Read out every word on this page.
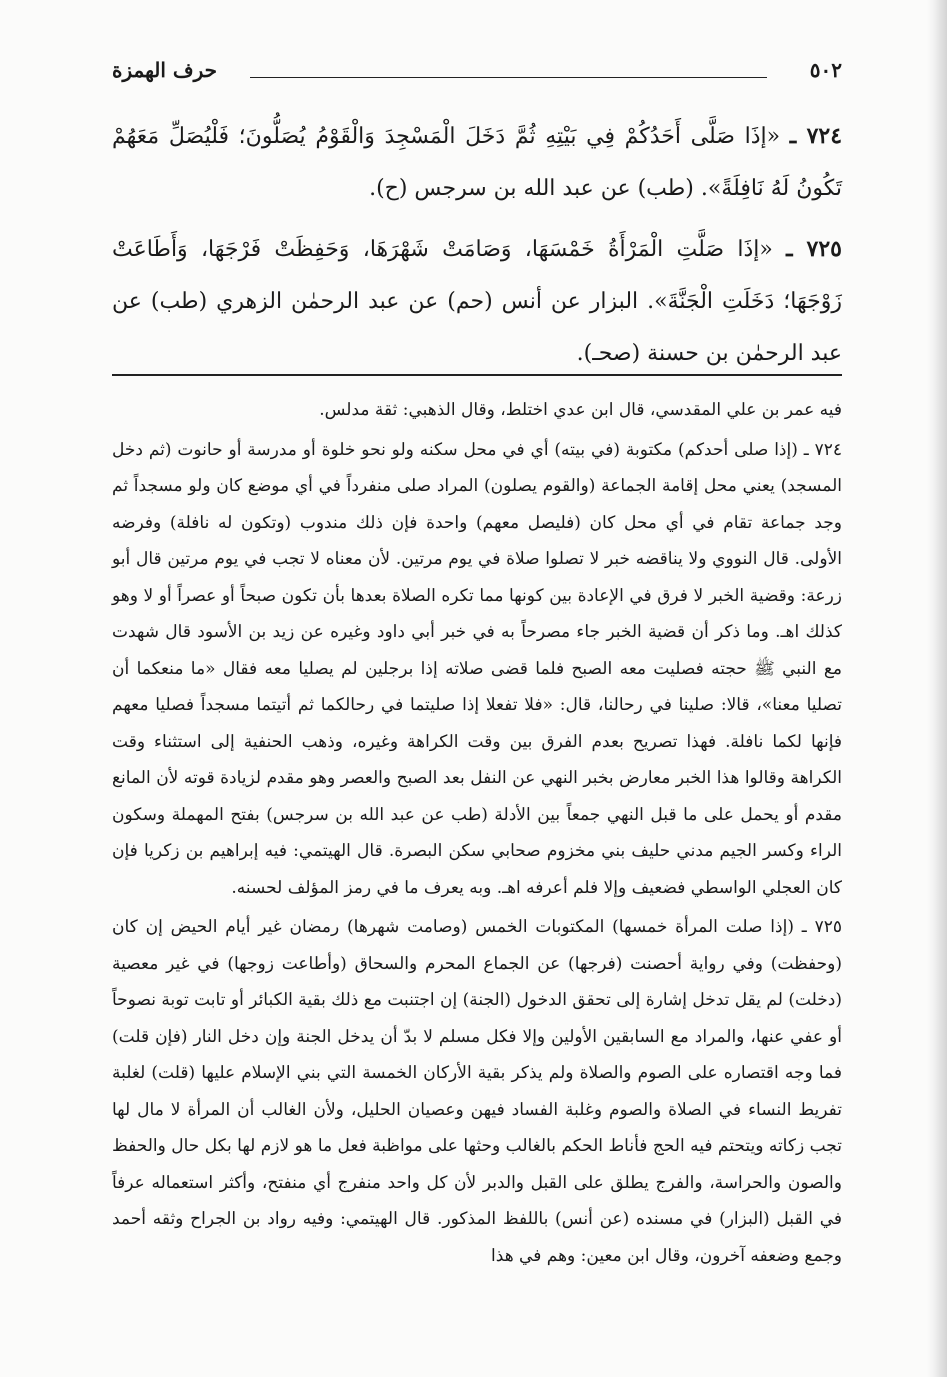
٥٠٢
حرف الهمزة

٧٢٤ ـ «إذَا صَلَّى أَحَدُكُمْ فِي بَيْتِهِ ثُمَّ دَخَلَ الْمَسْجِدَ وَالْقَوْمُ يُصَلُّونَ؛ فَلْيُصَلِّ مَعَهُمْ تَكُونُ لَهُ نَافِلَةً». (طب) عن عبد الله بن سرجس (ح).

٧٢٥ ـ «إذَا صَلَّتِ الْمَرْأَةُ خَمْسَهَا، وَصَامَتْ شَهْرَهَا، وَحَفِظَتْ فَرْجَهَا، وَأَطَاعَتْ زَوْجَهَا؛ دَخَلَتِ الْجَنَّةَ». البزار عن أنس (حم) عن عبد الرحمٰن الزهري (طب) عن عبد الرحمٰن بن حسنة (صحـ).

فيه عمر بن علي المقدسي، قال ابن عدي اختلط، وقال الذهبي: ثقة مدلس.

٧٢٤ ـ (إذا صلى أحدكم) مكتوبة (في بيته) أي في محل سكنه ولو نحو خلوة أو مدرسة أو حانوت (ثم دخل المسجد) يعني محل إقامة الجماعة (والقوم يصلون) المراد صلى منفرداً في أي موضع كان ولو مسجداً ثم وجد جماعة تقام في أي محل كان (فليصل معهم) واحدة فإن ذلك مندوب (وتكون له نافلة) وفرضه الأولى. قال النووي ولا يناقضه خبر لا تصلوا صلاة في يوم مرتين. لأن معناه لا تجب في يوم مرتين قال أبو زرعة: وقضية الخبر لا فرق في الإعادة بين كونها مما تكره الصلاة بعدها بأن تكون صبحاً أو عصراً أو لا وهو كذلك اهـ. وما ذكر أن قضية الخبر جاء مصرحاً به في خبر أبي داود وغيره عن زيد بن الأسود قال شهدت مع النبي ﷺ حجته فصليت معه الصبح فلما قضى صلاته إذا برجلين لم يصليا معه فقال «ما منعكما أن تصليا معنا»، قالا: صلينا في رحالنا، قال: «فلا تفعلا إذا صليتما في رحالكما ثم أتيتما مسجداً فصليا معهم فإنها لكما نافلة. فهذا تصريح بعدم الفرق بين وقت الكراهة وغيره، وذهب الحنفية إلى استثناء وقت الكراهة وقالوا هذا الخبر معارض بخبر النهي عن النفل بعد الصبح والعصر وهو مقدم لزيادة قوته لأن المانع مقدم أو يحمل على ما قبل النهي جمعاً بين الأدلة (طب عن عبد الله بن سرجس) بفتح المهملة وسكون الراء وكسر الجيم مدني حليف بني مخزوم صحابي سكن البصرة. قال الهيتمي: فيه إبراهيم بن زكريا فإن كان العجلي الواسطي فضعيف وإلا فلم أعرفه اهـ. وبه يعرف ما في رمز المؤلف لحسنه.

٧٢٥ ـ (إذا صلت المرأة خمسها) المكتوبات الخمس (وصامت شهرها) رمضان غير أيام الحيض إن كان (وحفظت) وفي رواية أحصنت (فرجها) عن الجماع المحرم والسحاق (وأطاعت زوجها) في غير معصية (دخلت) لم يقل تدخل إشارة إلى تحقق الدخول (الجنة) إن اجتنبت مع ذلك بقية الكبائر أو تابت توبة نصوحاً أو عفي عنها، والمراد مع السابقين الأولين وإلا فكل مسلم لا بدّ أن يدخل الجنة وإن دخل النار (فإن قلت) فما وجه اقتصاره على الصوم والصلاة ولم يذكر بقية الأركان الخمسة التي بني الإسلام عليها (قلت) لغلبة تفريط النساء في الصلاة والصوم وغلبة الفساد فيهن وعصيان الحليل، ولأن الغالب أن المرأة لا مال لها تجب زكاته ويتحتم فيه الحج فأناط الحكم بالغالب وحثها على مواظبة فعل ما هو لازم لها بكل حال والحفظ والصون والحراسة، والفرج يطلق على القبل والدبر لأن كل واحد منفرج أي منفتح، وأكثر استعماله عرفاً في القبل (البزار) في مسنده (عن أنس) باللفظ المذكور. قال الهيتمي: وفيه رواد بن الجراح وثقه أحمد وجمع وضعفه آخرون، وقال ابن معين: وهم في هذا
